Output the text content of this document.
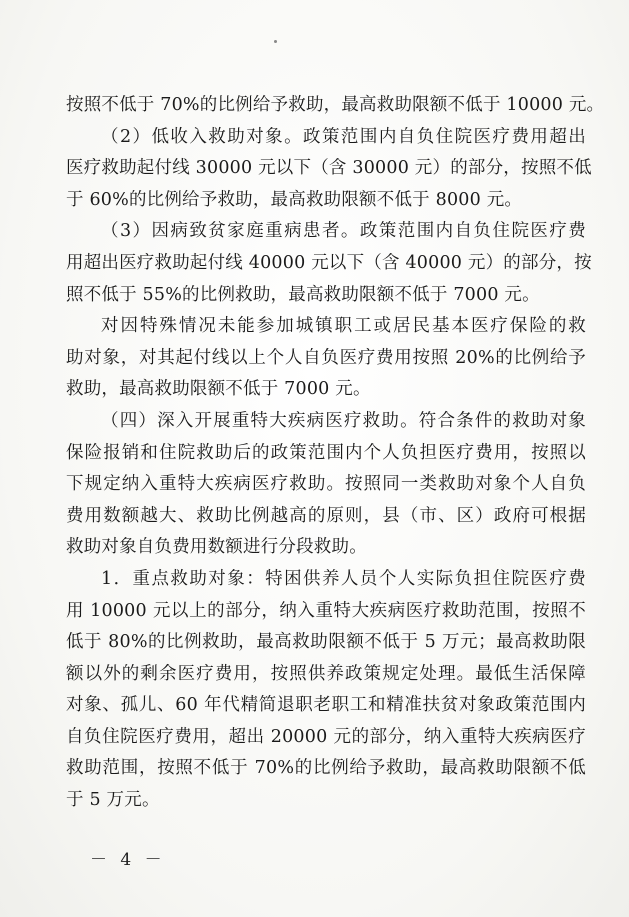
按照不低于 70%的比例给予救助，最高救助限额不低于 10000 元。
（2）低收入救助对象。政策范围内自负住院医疗费用超出
医疗救助起付线 30000 元以下（含 30000 元）的部分，按照不低
于 60%的比例给予救助，最高救助限额不低于 8000 元。
（3）因病致贫家庭重病患者。政策范围内自负住院医疗费
用超出医疗救助起付线 40000 元以下（含 40000 元）的部分，按
照不低于 55%的比例救助，最高救助限额不低于 7000 元。
对因特殊情况未能参加城镇职工或居民基本医疗保险的救
助对象，对其起付线以上个人自负医疗费用按照 20%的比例给予
救助，最高救助限额不低于 7000 元。
（四）深入开展重特大疾病医疗救助。符合条件的救助对象
保险报销和住院救助后的政策范围内个人负担医疗费用，按照以
下规定纳入重特大疾病医疗救助。按照同一类救助对象个人自负
费用数额越大、救助比例越高的原则，县（市、区）政府可根据
救助对象自负费用数额进行分段救助。
1．重点救助对象：特困供养人员个人实际负担住院医疗费
用 10000 元以上的部分，纳入重特大疾病医疗救助范围，按照不
低于 80%的比例救助，最高救助限额不低于 5 万元；最高救助限
额以外的剩余医疗费用，按照供养政策规定处理。最低生活保障
对象、孤儿、60 年代精简退职老职工和精准扶贫对象政策范围内
自负住院医疗费用，超出 20000 元的部分，纳入重特大疾病医疗
救助范围，按照不低于 70%的比例给予救助，最高救助限额不低
于 5 万元。
－ 4 －
